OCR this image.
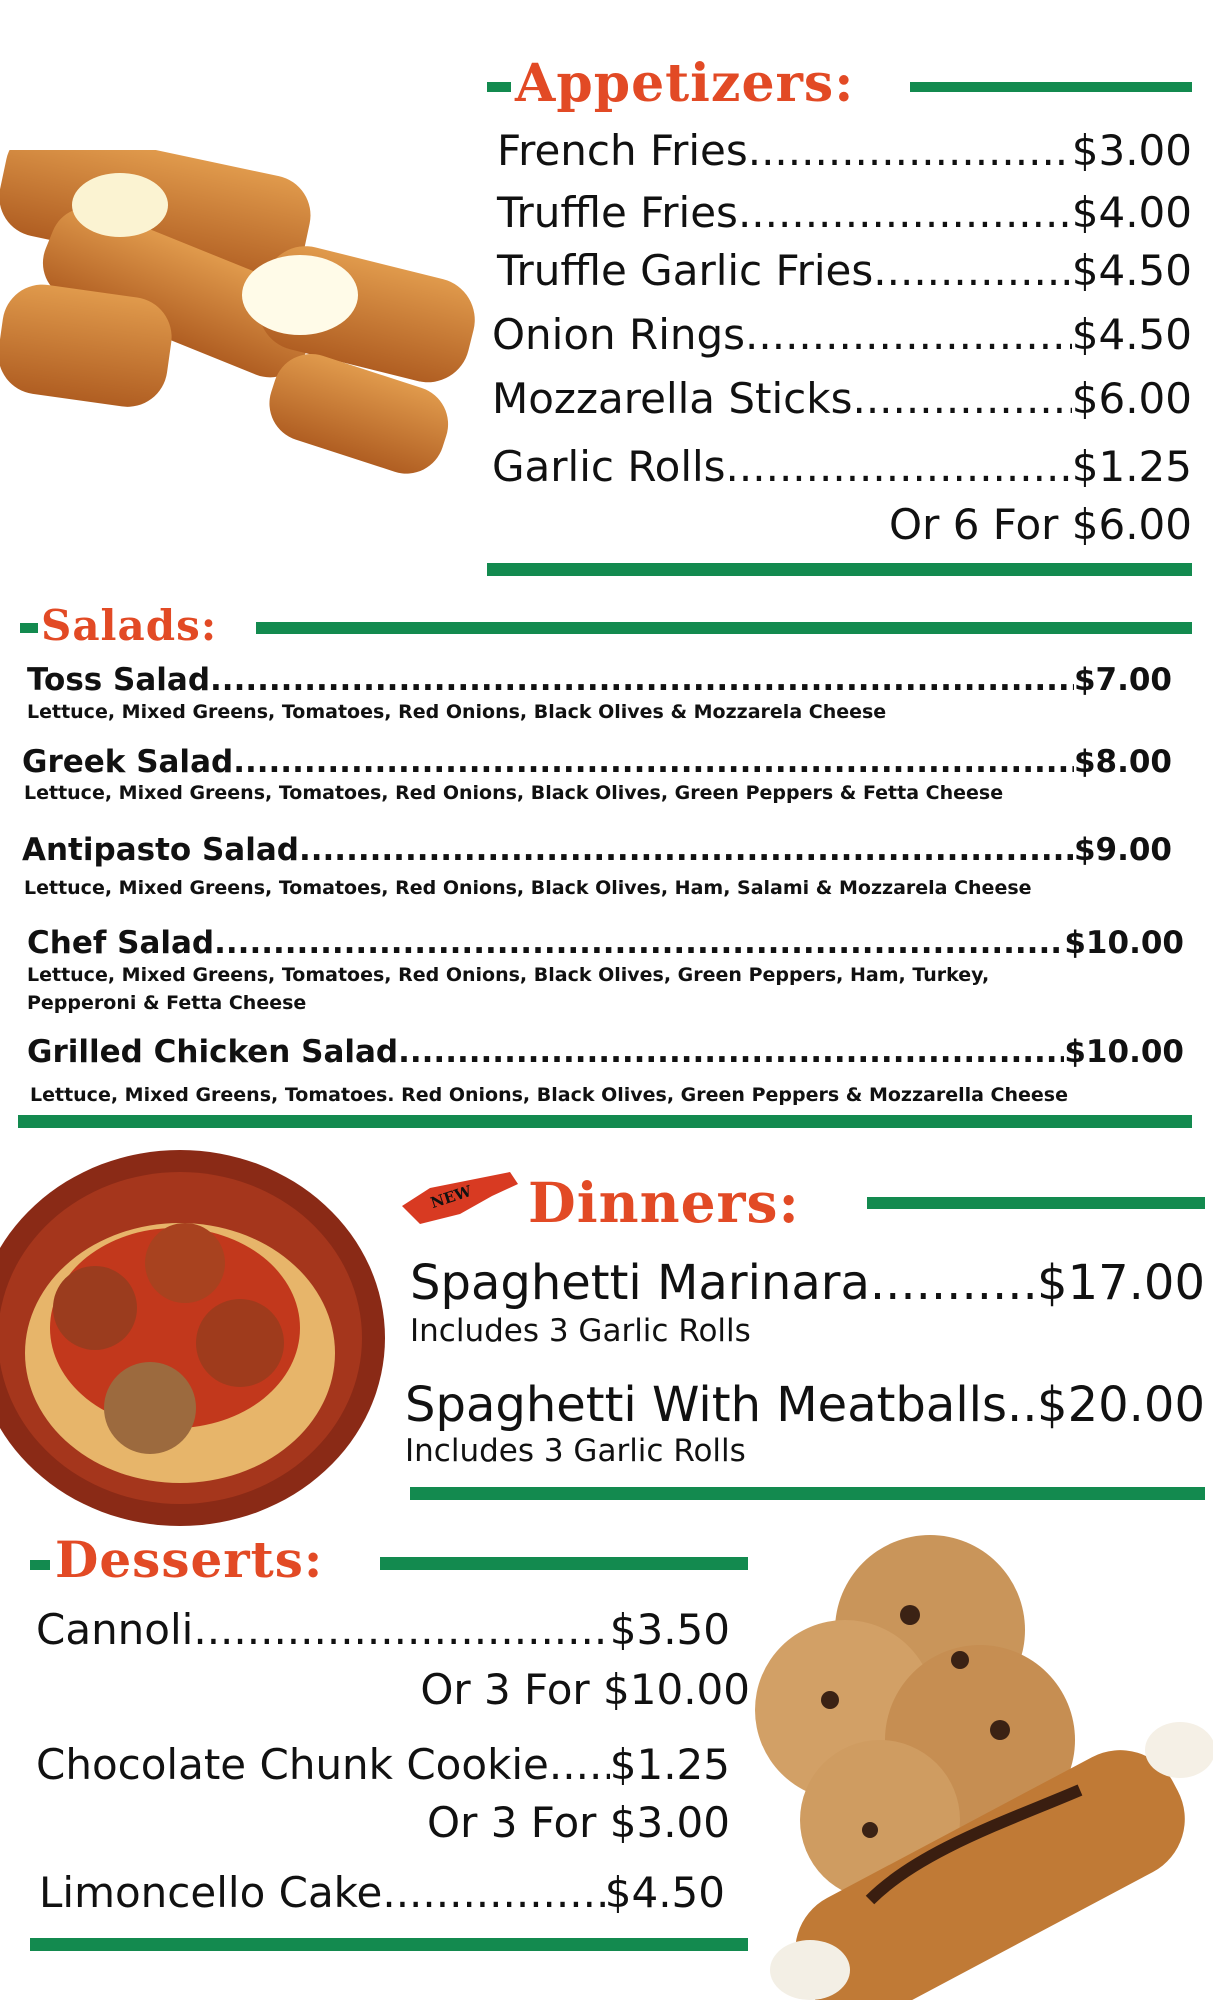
Appetizers:
French Fries .....	$3.00
Truffle Fries .....	$4.00
Truffle Garlic Fries .....	$4.50
Onion Rings .....	$4.50
Mozzarella Sticks .....	$6.00
Garlic Rolls .....	$1.25
Or 6 For $6.00
Salads:
Toss Salad .....	$7.00
Lettuce, Mixed Greens, Tomatoes, Red Onions, Black Olives & Mozzarela Cheese
Greek Salad .....	$8.00
Lettuce, Mixed Greens, Tomatoes, Red Onions, Black Olives, Green Peppers & Fetta Cheese
Antipasto Salad .....	$9.00
Lettuce, Mixed Greens, Tomatoes, Red Onions, Black Olives, Ham, Salami & Mozzarela Cheese
Chef Salad .....	$10.00
Lettuce, Mixed Greens, Tomatoes, Red Onions, Black Olives, Green Peppers, Ham, Turkey,
Pepperoni & Fetta Cheese
Grilled Chicken Salad .....	$10.00
Lettuce, Mixed Greens, Tomatoes. Red Onions, Black Olives, Green Peppers & Mozzarella Cheese
NEW Dinners:
Spaghetti Marinara .....	$17.00
Includes 3 Garlic Rolls
Spaghetti With Meatballs ..... $20.00
Includes 3 Garlic Rolls
Desserts:
Cannoli .....	$3.50
Or 3 For $10.00
Chocolate Chunk Cookie ..... $1.25
Or 3 For $3.00
Limoncello Cake .....	$4.50
